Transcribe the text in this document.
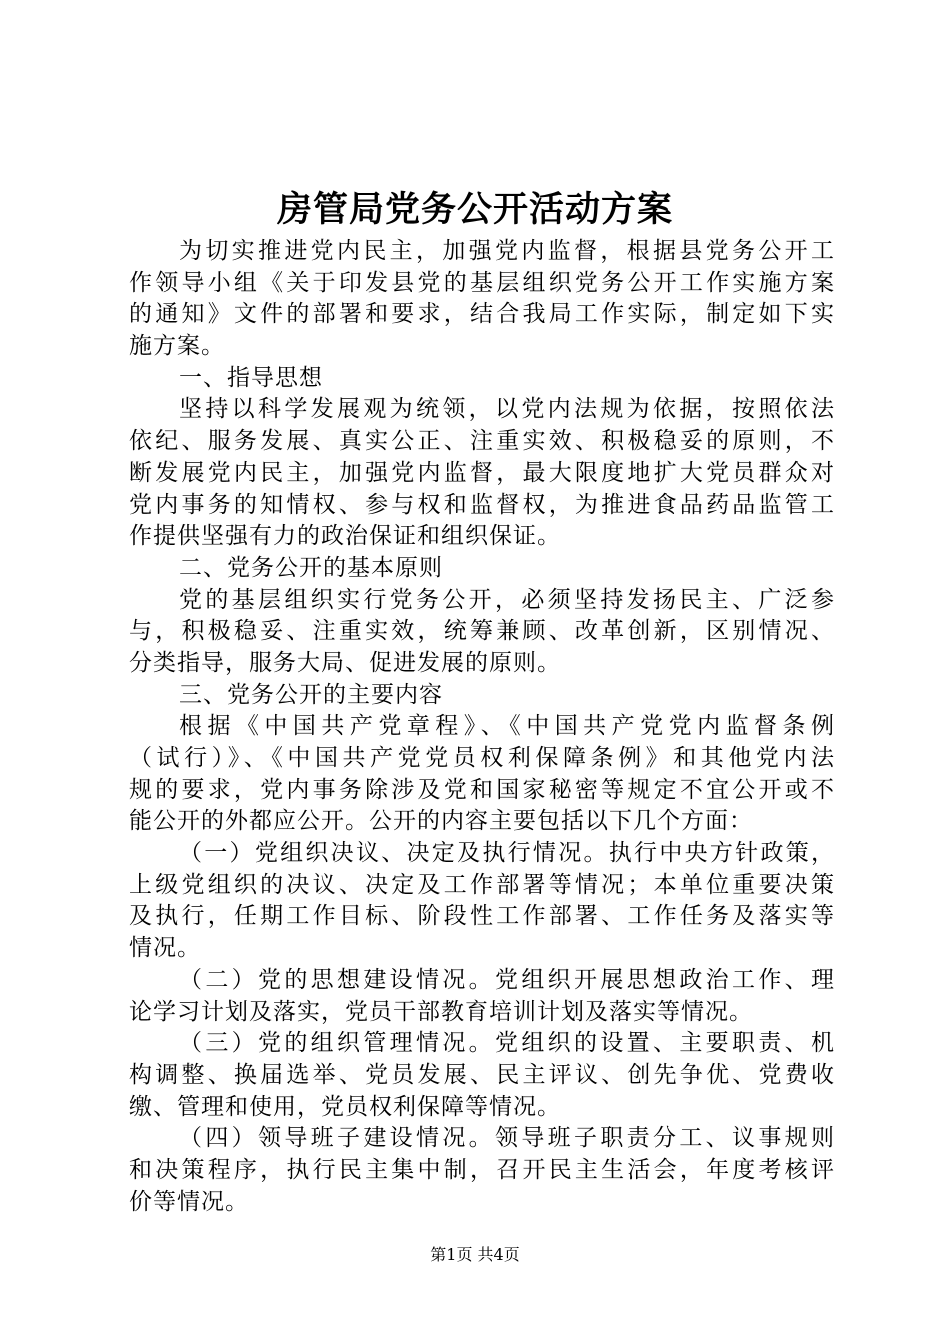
房管局党务公开活动方案
为切实推进党内民主，加强党内监督，根据县党务公开工
作领导小组《关于印发县党的基层组织党务公开工作实施方案
的通知》文件的部署和要求，结合我局工作实际，制定如下实
施方案。
一、指导思想
坚持以科学发展观为统领，以党内法规为依据，按照依法
依纪、服务发展、真实公正、注重实效、积极稳妥的原则，不
断发展党内民主，加强党内监督，最大限度地扩大党员群众对
党内事务的知情权、参与权和监督权，为推进食品药品监管工
作提供坚强有力的政治保证和组织保证。
二、党务公开的基本原则
党的基层组织实行党务公开，必须坚持发扬民主、广泛参
与，积极稳妥、注重实效，统筹兼顾、改革创新，区别情况、
分类指导，服务大局、促进发展的原则。
三、党务公开的主要内容
根据《中国共产党章程》、《中国共产党党内监督条例
（试行）》、《中国共产党党员权利保障条例》和其他党内法
规的要求，党内事务除涉及党和国家秘密等规定不宜公开或不
能公开的外都应公开。公开的内容主要包括以下几个方面：
（一）党组织决议、决定及执行情况。执行中央方针政策，
上级党组织的决议、决定及工作部署等情况；本单位重要决策
及执行，任期工作目标、阶段性工作部署、工作任务及落实等
情况。
（二）党的思想建设情况。党组织开展思想政治工作、理
论学习计划及落实，党员干部教育培训计划及落实等情况。
（三）党的组织管理情况。党组织的设置、主要职责、机
构调整、换届选举、党员发展、民主评议、创先争优、党费收
缴、管理和使用，党员权利保障等情况。
（四）领导班子建设情况。领导班子职责分工、议事规则
和决策程序，执行民主集中制，召开民主生活会，年度考核评
价等情况。
第1页 共4页
